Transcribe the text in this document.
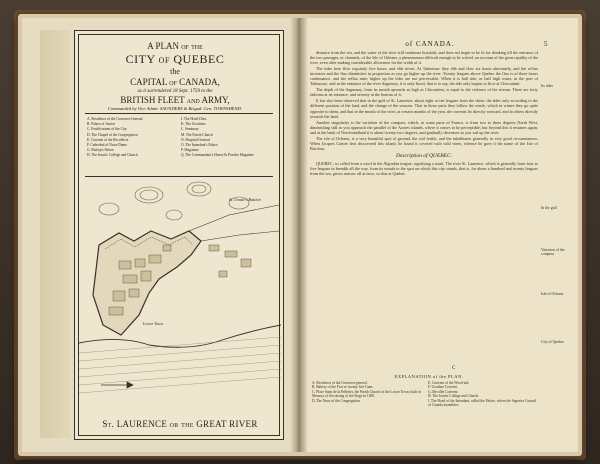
A PLAN of the
CITY of QUEBEC
the
CAPITAL of CANADA,
as it surrendered 18 Sept. 1759 to the
BRITISH FLEET and ARMY,
Commanded by Vice Admir. SAUNDERS & Brigad. Gen. TOWNSHEND.
A. Residence of the Governor-General
B. Palace of Justice
C. Fortifications of the City
D. The Chapel of the Congregation
E. Convent of the Recollects
F. Cathedral of Notre Dame
G. Bishop's Palace
H. The Jesuits' College and Church
I. The Hotel Dieu
K. The Ursulines
L. Seminary
M. The Parish Church
N. Hospital General
O. The Intendant's Palace
P. Magazine
Q. The Commandant's House & Powder Magazine
St. Ursule's Bastion
Lower Town
St. LAURENCE or the GREAT RIVER
of CANADA.	5

distance from the sea, and the water of the river still continues brackish, and does not begin to be fit for drinking till the entrance of the two passages, or channels, of the Isle of Orleans; a phenomenon difficult enough to be solved, on account of the great rapidity of the river, even after making considerable allowance for the width of it.

The tides here flow regularly five hours, and ebb seven. At Tadoussac they ebb and flow six hours alternately, and the reflux increases and the flux diminishes in proportion as you go higher up the river. Twenty leagues above Quebec the flux is of three hours continuance, and the reflux nine; higher up the tides are not perceivable. When it is half tide, or half high water, in the port of Tadoussac, and in the entrance of the river Saguenay, it is only flood, that is to say, the tide only begins to flow at Chicoutimi.

The depth of the Saguenay, from its mouth upwards as high as Chicoutimi, is equal to the violence of the stream. There are forty fathoms at its entrance, and seventy at the bottom of it.

It has also been observed that in the gulf of St. Laurence, about eight or ten leagues from the shore, the tides only according to the different position of the land, and the change of the seasons. That in those parts they follow the winds, which in winter they go quite opposite to them, and that in the mouth of the river, at certain months of the year, the currents let directly seaward, and in others directly towards the land.

Another singularity is the variation of the compass, which, in some parts of France, is from two to three degrees North West, diminishing still as you approach the parallel of the Azores islands, where it ceases to be perceptible; but beyond this it resumes again, and at the bank of Newfoundland it is about twenty-two degrees, and gradually decreases as you sail up the river.

The isle of Orleans, is a very beautiful spot of ground, the soil fertile, and the inhabitants generally in very good circumstances. When Jacques Cartier first discovered this island, he found it covered with wild vines, whence he gave it the name of the Isle of Bacchus.

Description of QUEBEC.

QUEBEC, so called from a word in the Algonkin tongue, signifying a strait. The river St. Laurence, which is generally from four to five leagues in breadth all the way, from its mouth to the spot on which this city stands, that is, for about a hundred and twenty leagues from the sea, grows narrow all at once, so that at Quebec

Its tides
In the gulf
Variation of the compass
Isle of Orleans
City of Quebec
C
EXPLANATION of the PLAN.
A. Residence of the Governor-general.
B. Battery of the Fort or twenty-five Guns.
C. Place Saint de la Pelletier, the Parish Church of the Lower Town, built in Memory of the raising of the Siege in 1690.
D. The Nuns of the Congregation.
E. Convent of the Wood-aid.
F. Ursuline Convent.
G. Recollet Convent.
H. The Jesuits College and Church.
I. The Hotel of the Intendant, called the Palace, where the Superior Council of Canada assembles.
